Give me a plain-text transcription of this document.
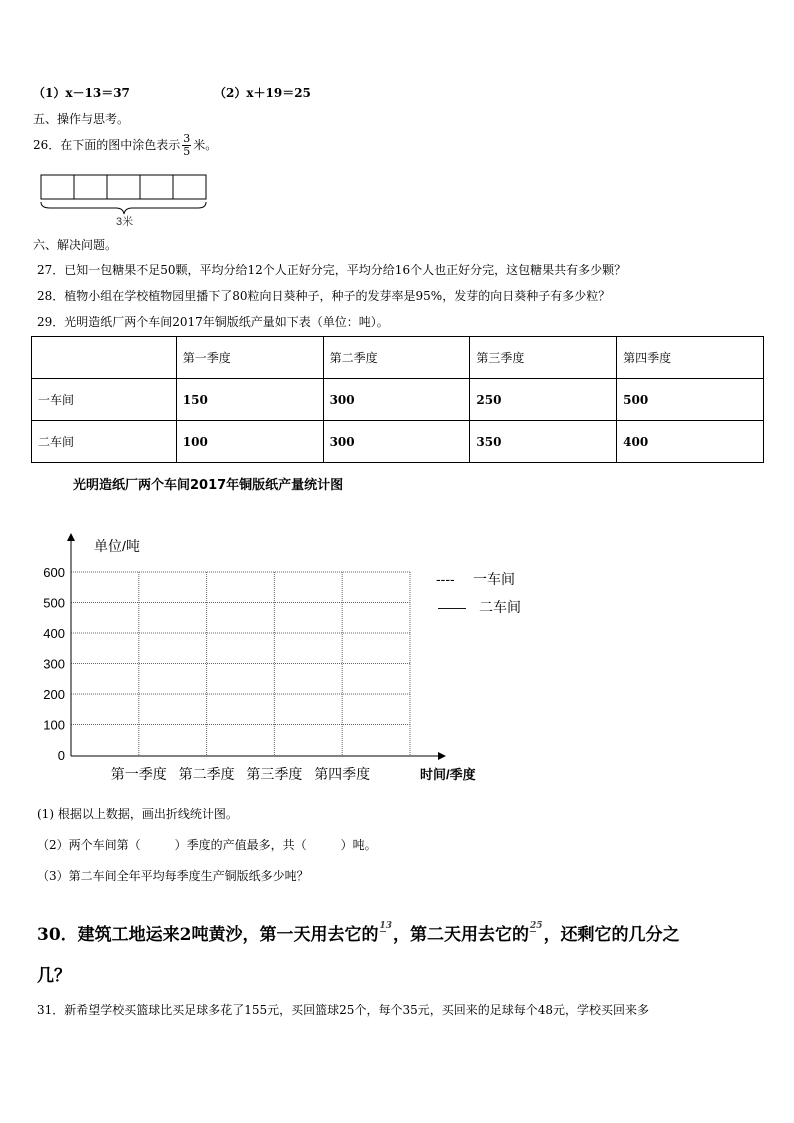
（1）x－13＝37	（2）x＋19＝25
五、操作与思考。
26．在下面的图中涂色表示 $\frac{3}{5}$ 米。
3米
六、解决问题。
27．已知一包糖果不足50颗，平均分给12个人正好分完，平均分给16个人也正好分完，这包糖果共有多少颗？
28．植物小组在学校植物园里播下了80粒向日葵种子，种子的发芽率是95%，发芽的向日葵种子有多少粒？
29．光明造纸厂两个车间2017年铜版纸产量如下表（单位：吨）。
	第一季度	第二季度	第三季度	第四季度
一车间	150	300	250	500
二车间	100	300	350	400
光明造纸厂两个车间2017年铜版纸产量统计图
单位/吨
时间/季度
0
100
200
300
400
500
600
第一季度 第二季度 第三季度 第四季度
---- 一车间
—— 二车间
(1) 根据以上数据，画出折线统计图。
（2）两个车间第（	）季度的产值最多，共（	）吨。
（3）第二车间全年平均每季度生产铜版纸多少吨？
30．建筑工地运来2吨黄沙，第一天用去它的13，第二天用去它的25，还剩它的几分之
几？
31．新希望学校买篮球比买足球多花了155元，买回篮球25个，每个35元，买回来的足球每个48元，学校买回来多
